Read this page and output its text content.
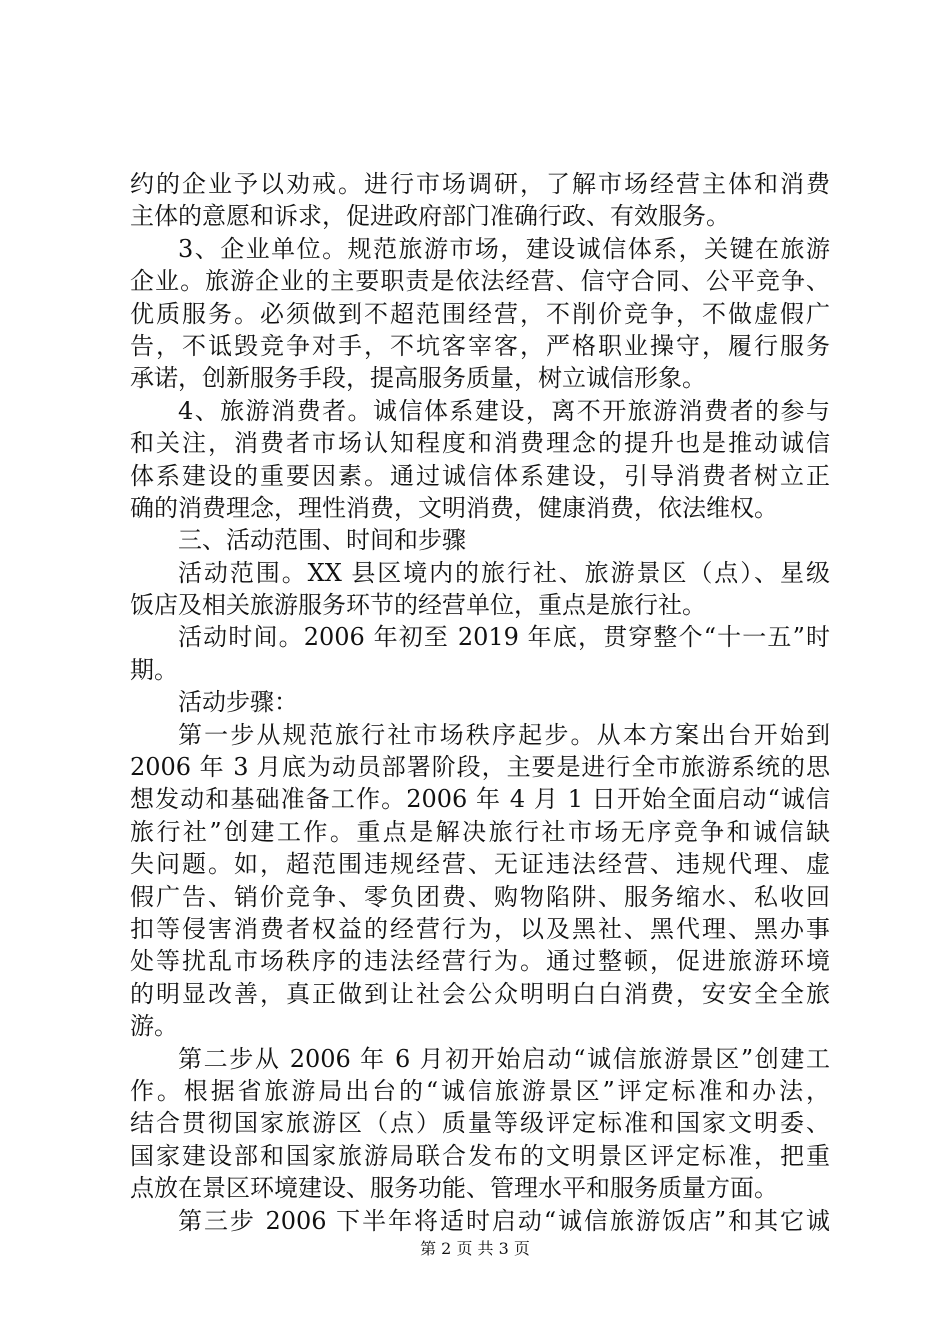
约的企业予以劝戒。进行市场调研，了解市场经营主体和消费
主体的意愿和诉求，促进政府部门准确行政、有效服务。
3、企业单位。规范旅游市场，建设诚信体系，关键在旅游
企业。旅游企业的主要职责是依法经营、信守合同、公平竞争、
优质服务。必须做到不超范围经营，不削价竞争，不做虚假广
告，不诋毁竞争对手，不坑客宰客，严格职业操守，履行服务
承诺，创新服务手段，提高服务质量，树立诚信形象。
4、旅游消费者。诚信体系建设，离不开旅游消费者的参与
和关注，消费者市场认知程度和消费理念的提升也是推动诚信
体系建设的重要因素。通过诚信体系建设，引导消费者树立正
确的消费理念，理性消费，文明消费，健康消费，依法维权。
三、活动范围、时间和步骤
活动范围。XX 县区境内的旅行社、旅游景区（点）、星级
饭店及相关旅游服务环节的经营单位，重点是旅行社。
活动时间。2006 年初至 2019 年底，贯穿整个“十一五”时
期。
活动步骤：
第一步从规范旅行社市场秩序起步。从本方案出台开始到
2006 年 3 月底为动员部署阶段，主要是进行全市旅游系统的思
想发动和基础准备工作。2006 年 4 月 1 日开始全面启动“诚信
旅行社”创建工作。重点是解决旅行社市场无序竞争和诚信缺
失问题。如，超范围违规经营、无证违法经营、违规代理、虚
假广告、销价竞争、零负团费、购物陷阱、服务缩水、私收回
扣等侵害消费者权益的经营行为，以及黑社、黑代理、黑办事
处等扰乱市场秩序的违法经营行为。通过整顿，促进旅游环境
的明显改善，真正做到让社会公众明明白白消费，安安全全旅
游。
第二步从 2006 年 6 月初开始启动“诚信旅游景区”创建工
作。根据省旅游局出台的“诚信旅游景区”评定标准和办法，
结合贯彻国家旅游区（点）质量等级评定标准和国家文明委、
国家建设部和国家旅游局联合发布的文明景区评定标准，把重
点放在景区环境建设、服务功能、管理水平和服务质量方面。
第三步 2006 下半年将适时启动“诚信旅游饭店”和其它诚
第 2 页 共 3 页
